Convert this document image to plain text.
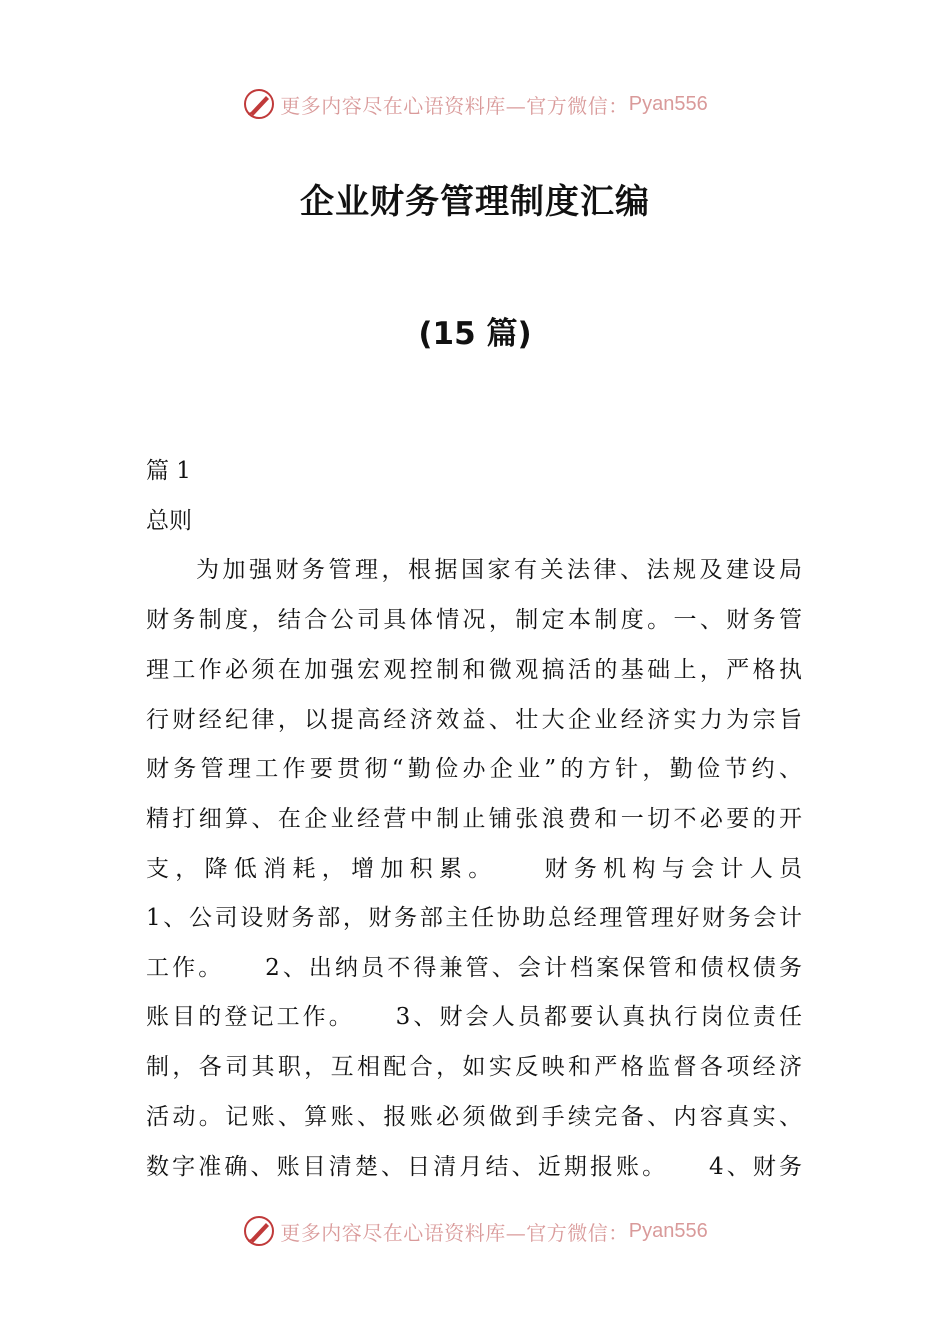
更多内容尽在心语资料库—官方微信： Pyan556
企业财务管理制度汇编
(15 篇)

篇 1

总则

为加强财务管理，根据国家有关法律、法规及建设局

财务制度，结合公司具体情况，制定本制度。一、财务管

理工作必须在加强宏观控制和微观搞活的基础上，严格执

行财经纪律，以提高经济效益、壮大企业经济实力为宗旨

财务管理工作要贯彻“勤俭办企业”的方针，勤俭节约、

精打细算、在企业经营中制止铺张浪费和一切不必要的开

支，降低消耗，增加积累。　　财务机构与会计人员

1、公司设财务部，财务部主任协助总经理管理好财务会计

工作。　　2、出纳员不得兼管、会计档案保管和债权债务

账目的登记工作。　　3、财会人员都要认真执行岗位责任

制，各司其职，互相配合，如实反映和严格监督各项经济

活动。记账、算账、报账必须做到手续完备、内容真实、

数字准确、账目清楚、日清月结、近期报账。　　4、财务

更多内容尽在心语资料库—官方微信： Pyan556
